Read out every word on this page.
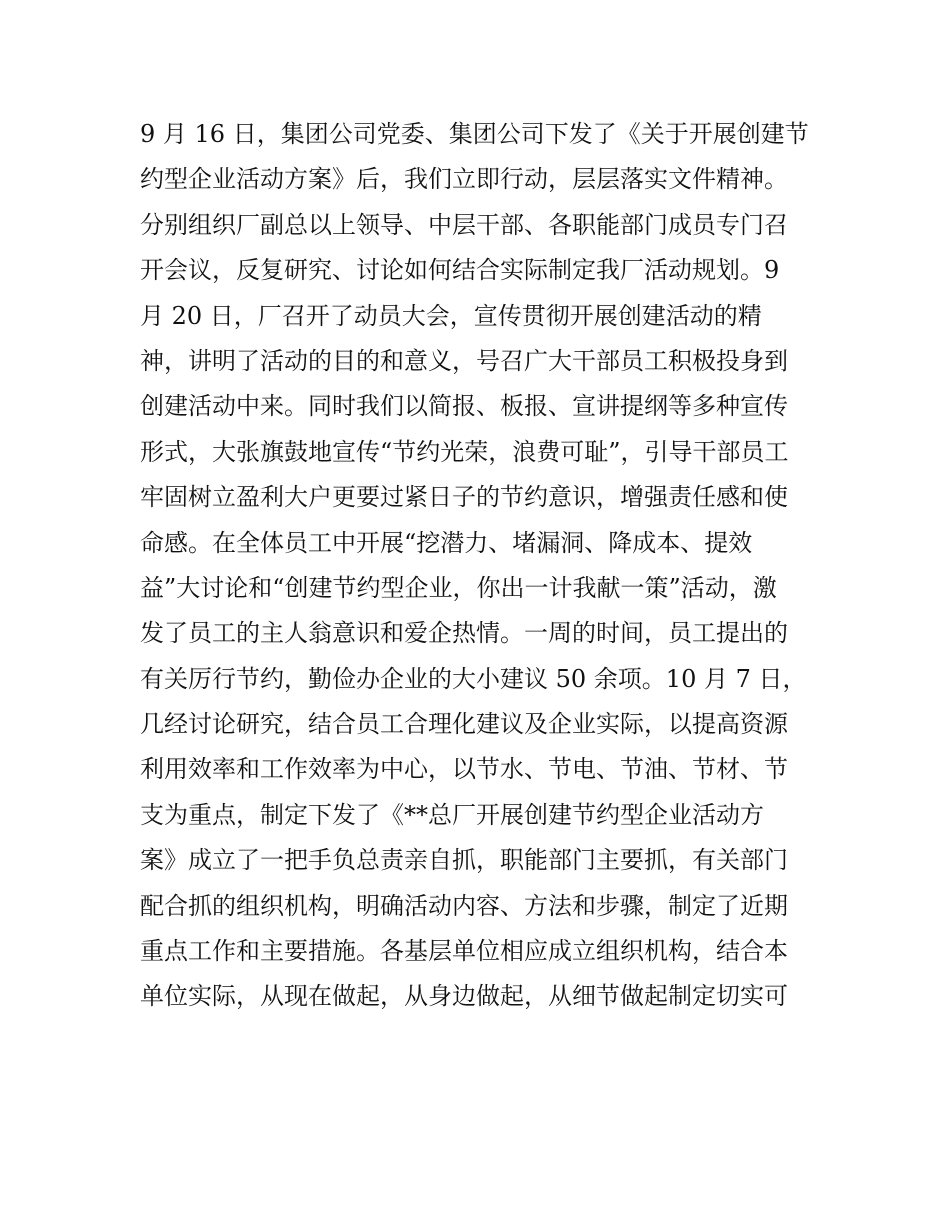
9 月 16 日，集团公司党委、集团公司下发了《关于开展创建节
约型企业活动方案》后，我们立即行动，层层落实文件精神。
分别组织厂副总以上领导、中层干部、各职能部门成员专门召
开会议，反复研究、讨论如何结合实际制定我厂活动规划。9
月 20 日，厂召开了动员大会，宣传贯彻开展创建活动的精
神，讲明了活动的目的和意义，号召广大干部员工积极投身到
创建活动中来。同时我们以简报、板报、宣讲提纲等多种宣传
形式，大张旗鼓地宣传“节约光荣，浪费可耻”，引导干部员工
牢固树立盈利大户更要过紧日子的节约意识，增强责任感和使
命感。在全体员工中开展“挖潜力、堵漏洞、降成本、提效
益”大讨论和“创建节约型企业，你出一计我献一策”活动，激
发了员工的主人翁意识和爱企热情。一周的时间，员工提出的
有关厉行节约，勤俭办企业的大小建议 50 余项。10 月 7 日，
几经讨论研究，结合员工合理化建议及企业实际，以提高资源
利用效率和工作效率为中心，以节水、节电、节油、节材、节
支为重点，制定下发了《**总厂开展创建节约型企业活动方
案》成立了一把手负总责亲自抓，职能部门主要抓，有关部门
配合抓的组织机构，明确活动内容、方法和步骤，制定了近期
重点工作和主要措施。各基层单位相应成立组织机构，结合本
单位实际，从现在做起，从身边做起，从细节做起制定切实可
